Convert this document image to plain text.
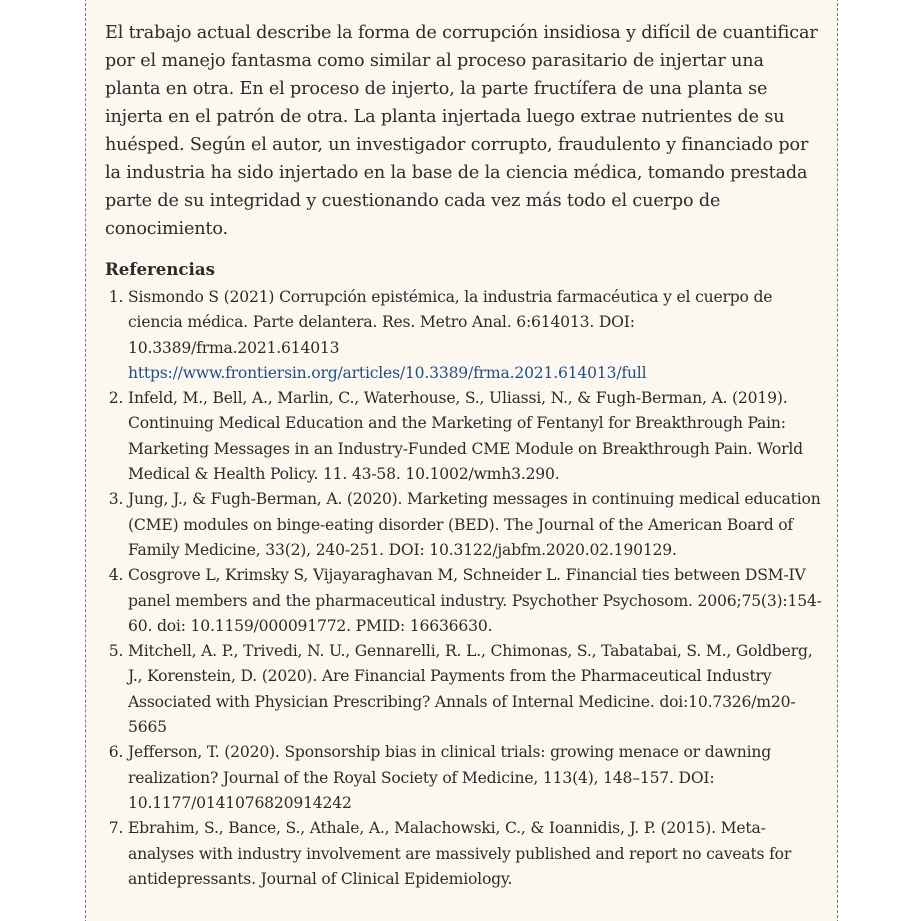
El trabajo actual describe la forma de corrupción insidiosa y difícil de cuantificar por el manejo fantasma como similar al proceso parasitario de injertar una planta en otra. En el proceso de injerto, la parte fructífera de una planta se injerta en el patrón de otra. La planta injertada luego extrae nutrientes de su huésped. Según el autor, un investigador corrupto, fraudulento y financiado por la industria ha sido injertado en la base de la ciencia médica, tomando prestada parte de su integridad y cuestionando cada vez más todo el cuerpo de conocimiento.

Referencias
1. Sismondo S (2021) Corrupción epistémica, la industria farmacéutica y el cuerpo de ciencia médica. Parte delantera. Res. Metro Anal. 6:614013. DOI: 10.3389/frma.2021.614013
https://www.frontiersin.org/articles/10.3389/frma.2021.614013/full
2. Infeld, M., Bell, A., Marlin, C., Waterhouse, S., Uliassi, N., & Fugh-Berman, A. (2019). Continuing Medical Education and the Marketing of Fentanyl for Breakthrough Pain: Marketing Messages in an Industry-Funded CME Module on Breakthrough Pain. World Medical & Health Policy. 11. 43-58. 10.1002/wmh3.290.
3. Jung, J., & Fugh-Berman, A. (2020). Marketing messages in continuing medical education (CME) modules on binge-eating disorder (BED). The Journal of the American Board of Family Medicine, 33(2), 240-251. DOI: 10.3122/jabfm.2020.02.190129.
4. Cosgrove L, Krimsky S, Vijayaraghavan M, Schneider L. Financial ties between DSM-IV panel members and the pharmaceutical industry. Psychother Psychosom. 2006;75(3):154-60. doi: 10.1159/000091772. PMID: 16636630.
5. Mitchell, A. P., Trivedi, N. U., Gennarelli, R. L., Chimonas, S., Tabatabai, S. M., Goldberg, J., Korenstein, D. (2020). Are Financial Payments from the Pharmaceutical Industry Associated with Physician Prescribing? Annals of Internal Medicine. doi:10.7326/m20-5665
6. Jefferson, T. (2020). Sponsorship bias in clinical trials: growing menace or dawning realization? Journal of the Royal Society of Medicine, 113(4), 148–157. DOI: 10.1177/0141076820914242
7. Ebrahim, S., Bance, S., Athale, A., Malachowski, C., & Ioannidis, J. P. (2015). Meta-analyses with industry involvement are massively published and report no caveats for antidepressants. Journal of Clinical Epidemiology.
